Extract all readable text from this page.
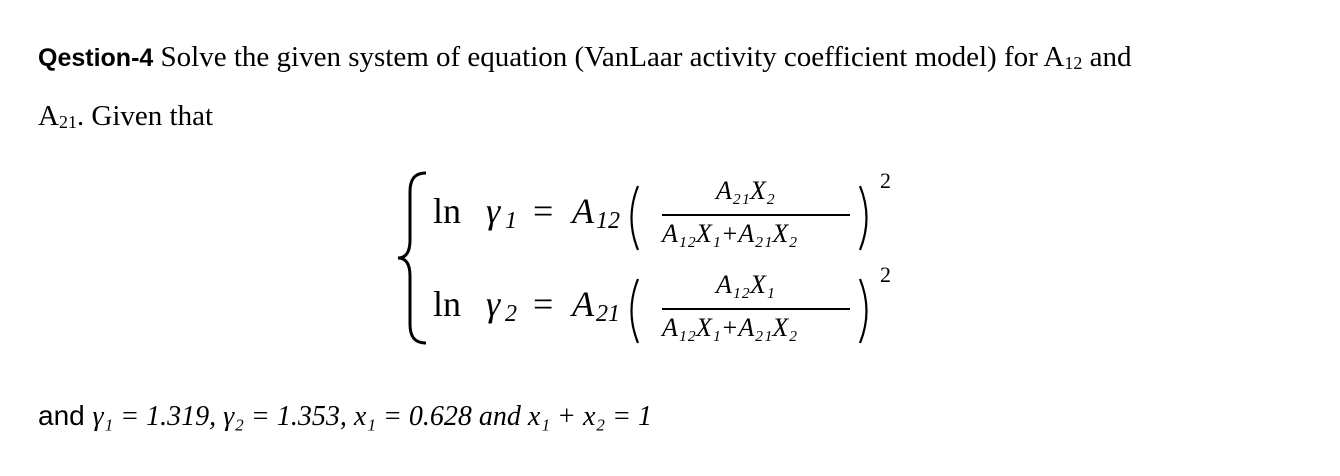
Qestion-4 Solve the given system of equation (VanLaar activity coefficient model) for $A_{12}$ and
$A_{21}$. Given that
ln γ 1 = A 12
A₂₁X₂
A₁₂X₁+A₂₁X₂
2
ln γ 2 = A 21
A₁₂X₁
A₁₂X₁+A₂₁X₂
2
and γ₁ = 1.319, γ₂ = 1.353, x₁ = 0.628 and x₁ + x₂ = 1
